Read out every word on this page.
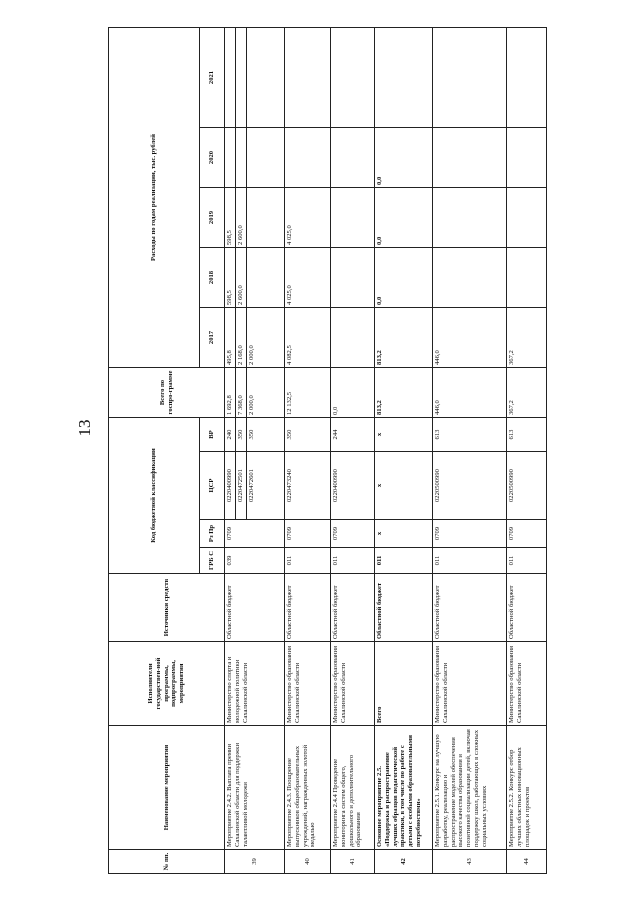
13
№ пп.	Наименование мероприятия	Исполнители государствен-ной программы, подпрограммы, мероприятия	Источники средств	Код бюджетной классификации				Всего по госпро-грамме	Расходы по годам реализации, тыс. рублей				
				ГРБ С	Рз Пр	ЦСР	ВР		2017	2018	2019	2020	2021
39	Мероприятие 2.4.2. Выплата премии Сахалинской области для поддержки талантливой молодежи	Министерство спорта и молодежной политики Сахалинской области	Областной бюджет	039	0709	0220400990	240	1 692,8	495,8	598,5	598,5		
						0220472501	350	7 368,0	2 168,0	2 600,0	2 600,0		
						0220472601	350	2 000,0	2 000,0				
40	Мероприятие 2.4.3. Поощрение выпускников общеобразовательных учреждений, награжденных золотой медалью	Министерство образования Сахалинской области	Областной бюджет	011	0709	0220473240	350	12 132,5	4 082,5	4 025,0	4 025,0		
41	Мероприятие 2.4.4 Проведение мониторинга систем общего, дошкольного и дополнительного образования	Министерство образования Сахалинской области	Областной бюджет	011	0709	0220400990	244	0,0					
42	Основное мероприятие 2.5. «Поддержка и распространение лучших образцов педагогической практики, в том числе по работе с детьми с особыми образовательными потребностями»	Всего	Областной бюджет	011	x	x	x	813,2	813,2	0,0	0,0	0,0	
43	Мероприятие 2.5.1. Конкурс на лучшую разработку, реализацию и распространение моделей обеспечения высокого качества образования и позитивной социализации детей, включая поддержку школ, работающих в сложных социальных условиях	Министерство образования Сахалинской области	Областной бюджет	011	0709	0220500990	613	446,0	446,0				
44	Мероприятие 2.5.2. Конкурс отбор лучших областных инновационных площадок и проектов	Министерство образования Сахалинской области	Областной бюджет	011	0709	0220500990	613	367,2	367,2				
